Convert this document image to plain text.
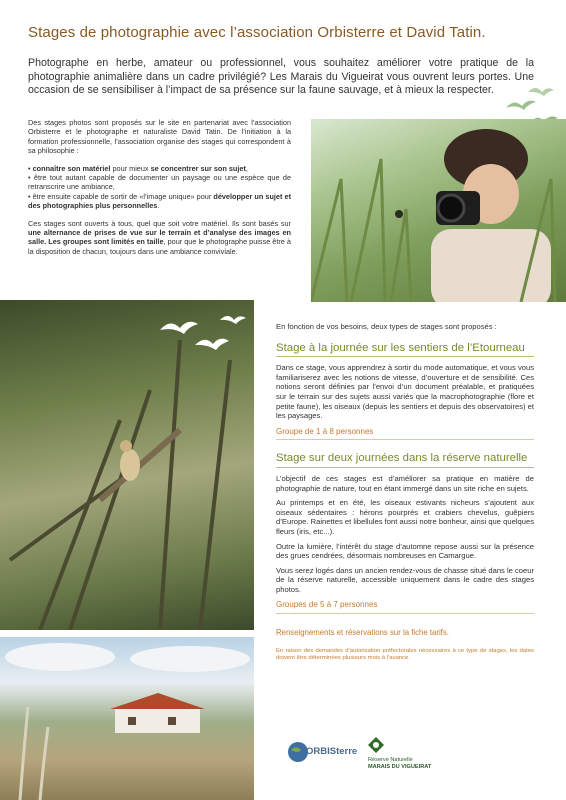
Stages de photographie avec l’association Orbisterre et David Tatin.
Photographe en herbe, amateur ou professionnel, vous souhaitez améliorer votre pratique de la photographie animalière dans un cadre privilégié? Les Marais du Vigueirat vous ouvrent leurs portes. Une occasion de se sensibiliser à l’impact de sa présence sur la faune sauvage, et à mieux la respecter.

Des stages photos sont proposés sur le site en partenariat avec l’association Orbisterre et le photographe et naturaliste David Tatin. De l’initiation à la formation professionnelle, l’association organise des stages qui correspondent à sa philosophie :

• connaître son matériel pour mieux se concentrer sur son sujet,
• être tout autant capable de documenter un paysage ou une espèce que de retranscrire une ambiance,
• être ensuite capable de sortir de «l’image unique» pour développer un sujet et des photographies plus personnelles.

Ces stages sont ouverts à tous, quel que soit votre matériel. Ils sont basés sur une alternance de prises de vue sur le terrain et d’analyse des images en salle. Les groupes sont limités en taille, pour que le photographe puisse être à la disposition de chacun, toujours dans une ambiance conviviale.

En fonction de vos besoins, deux types de stages sont proposés :
Stage à la journée sur les sentiers de l’Etourneau

Dans ce stage, vous apprendrez à sortir du mode automatique, et vous vous familiariserez avec les notions de vitesse, d’ouverture et de sensibilité. Ces notions seront définies par l’envoi d’un document préalable, et pratiquées sur le terrain sur des sujets aussi variés que la macrophotographie (flore et petite faune), les oiseaux (depuis les sentiers et depuis des observatoires) et les paysages.

Groupe de 1 à 8 personnes
Stage sur deux journées dans la réserve naturelle

L’objectif de ces stages est d’améliorer sa pratique en matière de photographie de nature, tout en étant immergé dans un site riche en sujets.

Au printemps et en été, les oiseaux estivants nicheurs s’ajoutent aux oiseaux sédentaires : hérons pourprés et crabiers chevelus, guêpiers d’Europe. Rainettes et libellules font aussi notre bonheur, ainsi que quelques fleurs (iris, etc...).

Outre la lumière, l’intérêt du stage d’automne repose aussi sur la présence des grues cendrées, désormais nombreuses en Camargue.

Vous serez logés dans un ancien rendez-vous de chasse situé dans le coeur de la réserve naturelle, accessible uniquement dans le cadre des stages photos.

Groupes de 5 à 7 personnes
Renseignements et réservations sur la fiche tarifs.
En raison des demandes d’autorisation préfectorales nécessaires à ce type de stages, les dates doivent être déterminées plusieurs mois à l’avance.
ORBISterre
Réserve Naturelle
MARAIS DU VIGUEIRAT
